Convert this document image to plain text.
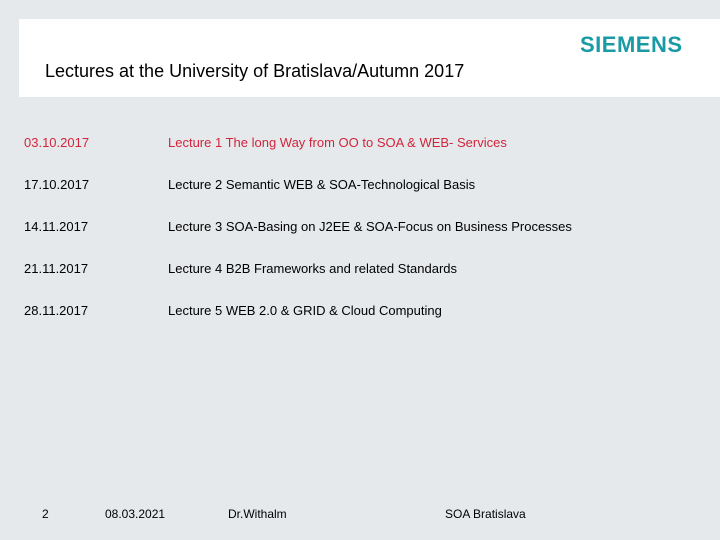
Lectures at the University of Bratislava/Autumn 2017
SIEMENS
03.10.2017	Lecture 1 The long Way from OO to SOA & WEB- Services
17.10.2017	Lecture 2 Semantic WEB & SOA-Technological Basis
14.11.2017	Lecture 3 SOA-Basing on J2EE & SOA-Focus on Business Processes
21.11.2017	Lecture 4 B2B Frameworks and related Standards
28.11.2017	Lecture 5 WEB 2.0 & GRID & Cloud Computing
2	08.03.2021	Dr.Withalm	SOA Bratislava
